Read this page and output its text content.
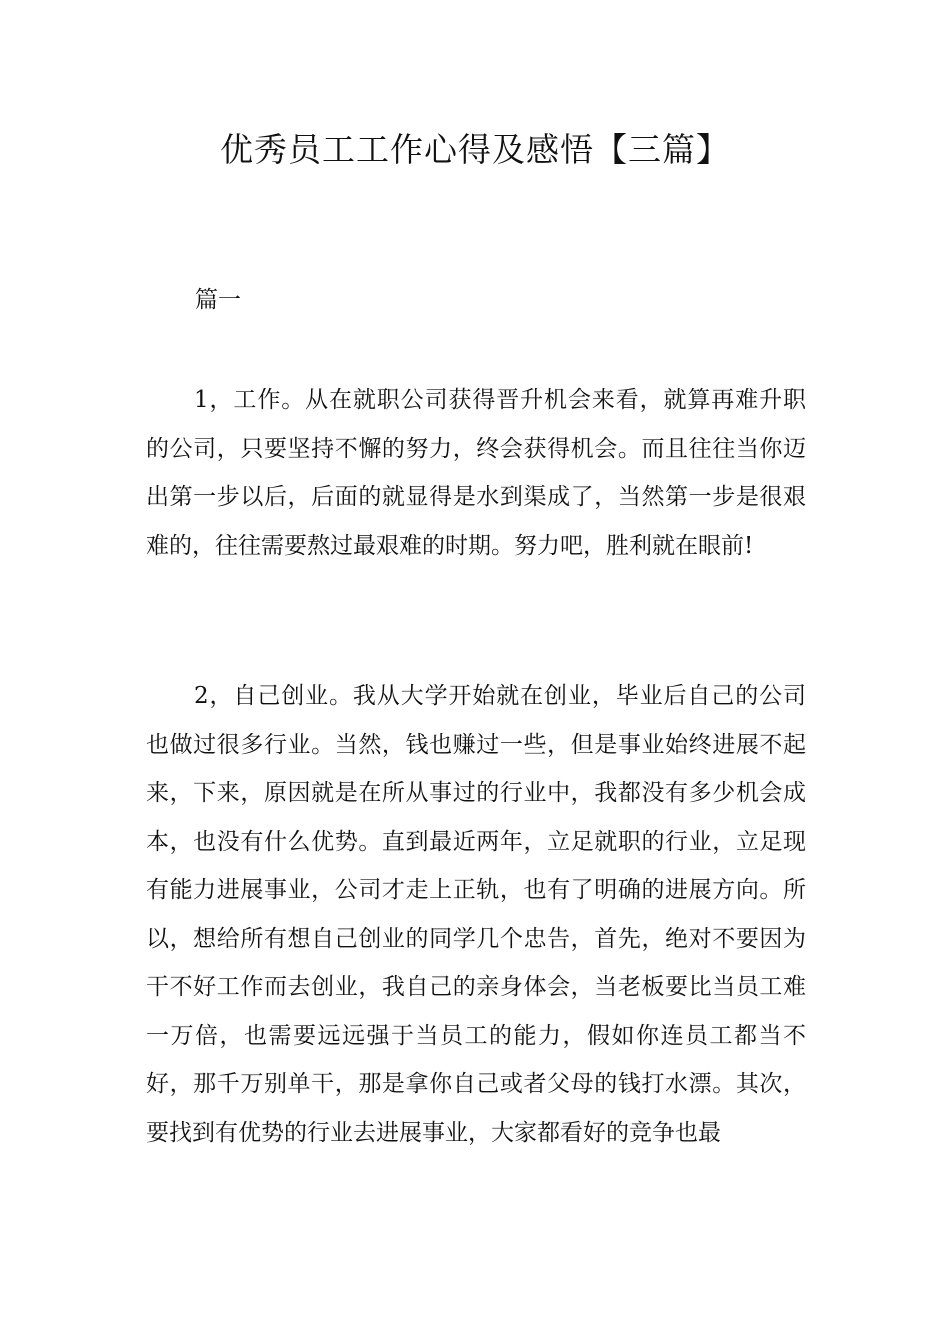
优秀员工工作心得及感悟【三篇】

篇一

1，工作。从在就职公司获得晋升机会来看，就算再难升职的公司，只要坚持不懈的努力，终会获得机会。而且往往当你迈出第一步以后，后面的就显得是水到渠成了，当然第一步是很艰难的，往往需要熬过最艰难的时期。努力吧，胜利就在眼前!

2，自己创业。我从大学开始就在创业，毕业后自己的公司也做过很多行业。当然，钱也赚过一些，但是事业始终进展不起来，下来，原因就是在所从事过的行业中，我都没有多少机会成本，也没有什么优势。直到最近两年，立足就职的行业，立足现有能力进展事业，公司才走上正轨，也有了明确的进展方向。所以，想给所有想自己创业的同学几个忠告，首先，绝对不要因为干不好工作而去创业，我自己的亲身体会，当老板要比当员工难一万倍，也需要远远强于当员工的能力，假如你连员工都当不好，那千万别单干，那是拿你自己或者父母的钱打水漂。其次，要找到有优势的行业去进展事业，大家都看好的竞争也最
